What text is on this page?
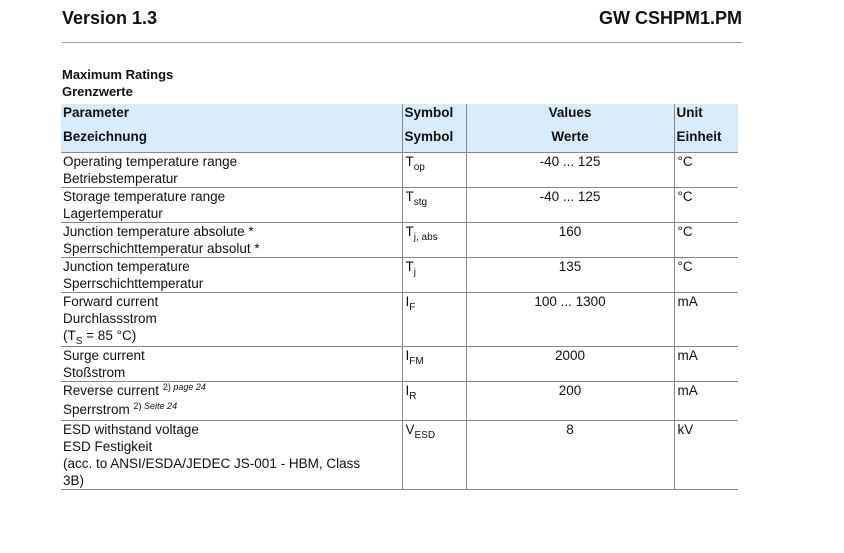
Version 1.3	GW CSHPM1.PM
Maximum Ratings
Grenzwerte
Parameter	Symbol	Values	Unit
Bezeichnung	Symbol	Werte	Einheit

Operating temperature range
Betriebstemperatur	$T_{op}$	-40 ... 125	°C

Storage temperature range
Lagertemperatur	$T_{stg}$	-40 ... 125	°C

Junction temperature absolute *
Sperrschichttemperatur absolut *	$T_{j, abs}$	160	°C

Junction temperature
Sperrschichttemperatur	$T_j$	135	°C

Forward current
Durchlassstrom
($T_S = 85$ °C)	$I_F$	100 ... 1300	mA

Surge current
Stoßstrom	$I_{FM}$	2000	mA

Reverse current $^{2) page 24}$
Sperrstrom $^{2) Seite 24}$	$I_R$	200	mA

ESD withstand voltage
ESD Festigkeit
(acc. to ANSI/ESDA/JEDEC JS-001 - HBM, Class
3B)	$V_{ESD}$	8	kV
